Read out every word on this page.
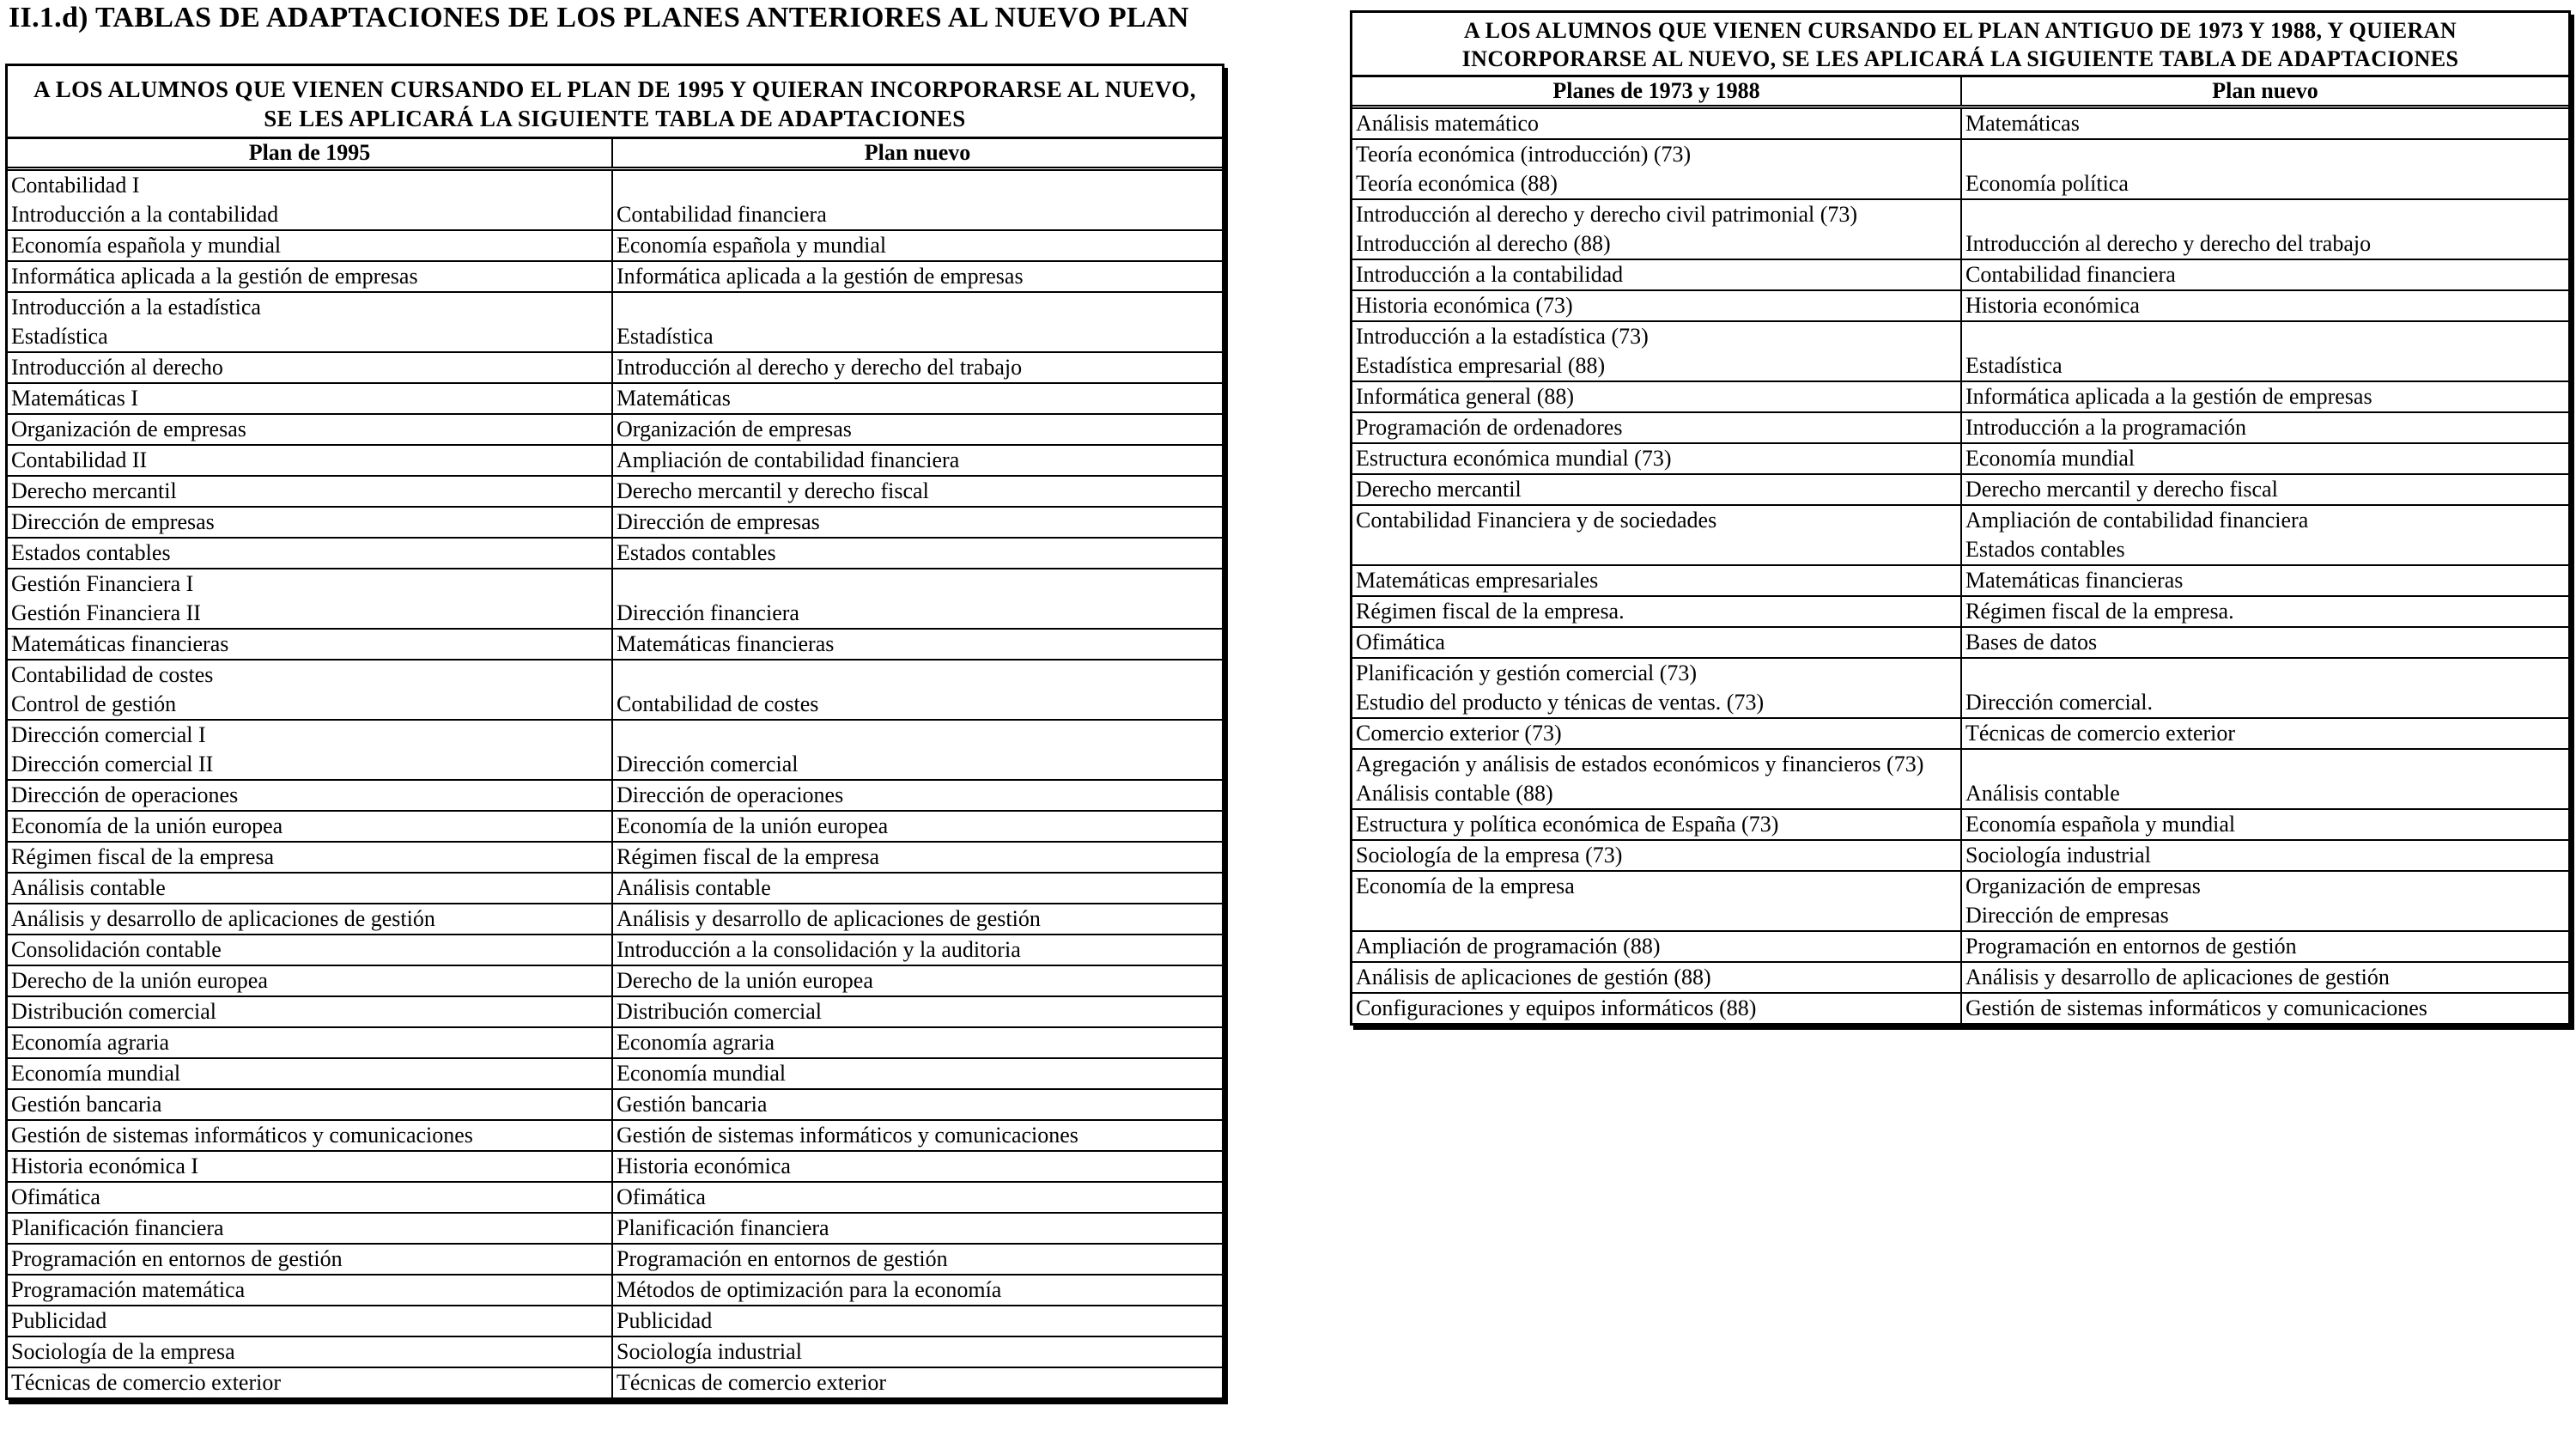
II.1.d) TABLAS DE ADAPTACIONES DE LOS PLANES ANTERIORES AL NUEVO PLAN
A LOS ALUMNOS QUE VIENEN CURSANDO EL PLAN DE 1995 Y QUIERAN INCORPORARSE AL NUEVO,
SE LES APLICARÁ LA SIGUIENTE TABLA DE ADAPTACIONES
Plan de 1995	Plan nuevo
Contabilidad I
Introducción a la contabilidad	Contabilidad financiera
Economía española y mundial	Economía española y mundial
Informática aplicada a la gestión de empresas	Informática aplicada a la gestión de empresas
Introducción a la estadística
Estadística	Estadística
Introducción al derecho	Introducción al derecho y derecho del trabajo
Matemáticas I	Matemáticas
Organización de empresas	Organización de empresas
Contabilidad II	Ampliación de contabilidad financiera
Derecho mercantil	Derecho mercantil y derecho fiscal
Dirección de empresas	Dirección de empresas
Estados contables	Estados contables
Gestión Financiera I
Gestión Financiera II	Dirección financiera
Matemáticas financieras	Matemáticas financieras
Contabilidad de costes
Control de gestión	Contabilidad de costes
Dirección comercial I
Dirección comercial II	Dirección comercial
Dirección de operaciones	Dirección de operaciones
Economía de la unión europea	Economía de la unión europea
Régimen fiscal de la empresa	Régimen fiscal de la empresa
Análisis contable	Análisis contable
Análisis y desarrollo de aplicaciones de gestión	Análisis y desarrollo de aplicaciones de gestión
Consolidación contable	Introducción a la consolidación y la auditoria
Derecho de la unión europea	Derecho de la unión europea
Distribución comercial	Distribución comercial
Economía agraria	Economía agraria
Economía mundial	Economía mundial
Gestión bancaria	Gestión bancaria
Gestión de sistemas informáticos y comunicaciones	Gestión de sistemas informáticos y comunicaciones
Historia económica I	Historia económica
Ofimática	Ofimática
Planificación financiera	Planificación financiera
Programación en entornos de gestión	Programación en entornos de gestión
Programación matemática	Métodos de optimización para la economía
Publicidad	Publicidad
Sociología de la empresa	Sociología industrial
Técnicas de comercio exterior	Técnicas de comercio exterior
A LOS ALUMNOS QUE VIENEN CURSANDO EL PLAN ANTIGUO DE 1973 Y 1988, Y QUIERAN
INCORPORARSE AL NUEVO, SE LES APLICARÁ LA SIGUIENTE TABLA DE ADAPTACIONES
Planes de 1973 y 1988	Plan nuevo
Análisis matemático	Matemáticas
Teoría económica (introducción) (73)
Teoría económica (88)	Economía política
Introducción al derecho y derecho civil patrimonial (73)
Introducción al derecho (88)	Introducción al derecho y derecho del trabajo
Introducción a la contabilidad	Contabilidad financiera
Historia económica (73)	Historia económica
Introducción a la estadística (73)
Estadística empresarial (88)	Estadística
Informática general (88)	Informática aplicada a la gestión de empresas
Programación de ordenadores	Introducción a la programación
Estructura económica mundial (73)	Economía mundial
Derecho mercantil	Derecho mercantil y derecho fiscal
Contabilidad Financiera y de sociedades	Ampliación de contabilidad financiera
Estados contables
Matemáticas empresariales	Matemáticas financieras
Régimen fiscal de la empresa.	Régimen fiscal de la empresa.
Ofimática	Bases de datos
Planificación y gestión comercial (73)
Estudio del producto y ténicas de ventas. (73)	Dirección comercial.
Comercio exterior (73)	Técnicas de comercio exterior
Agregación y análisis de estados económicos y financieros (73)
Análisis contable (88)	Análisis contable
Estructura y política económica de España (73)	Economía española y mundial
Sociología de la empresa (73)	Sociología industrial
Economía de la empresa	Organización de empresas
Dirección de empresas
Ampliación de programación (88)	Programación en entornos de gestión
Análisis de aplicaciones de gestión (88)	Análisis y desarrollo de aplicaciones de gestión
Configuraciones y equipos informáticos (88)	Gestión de sistemas informáticos y comunicaciones
